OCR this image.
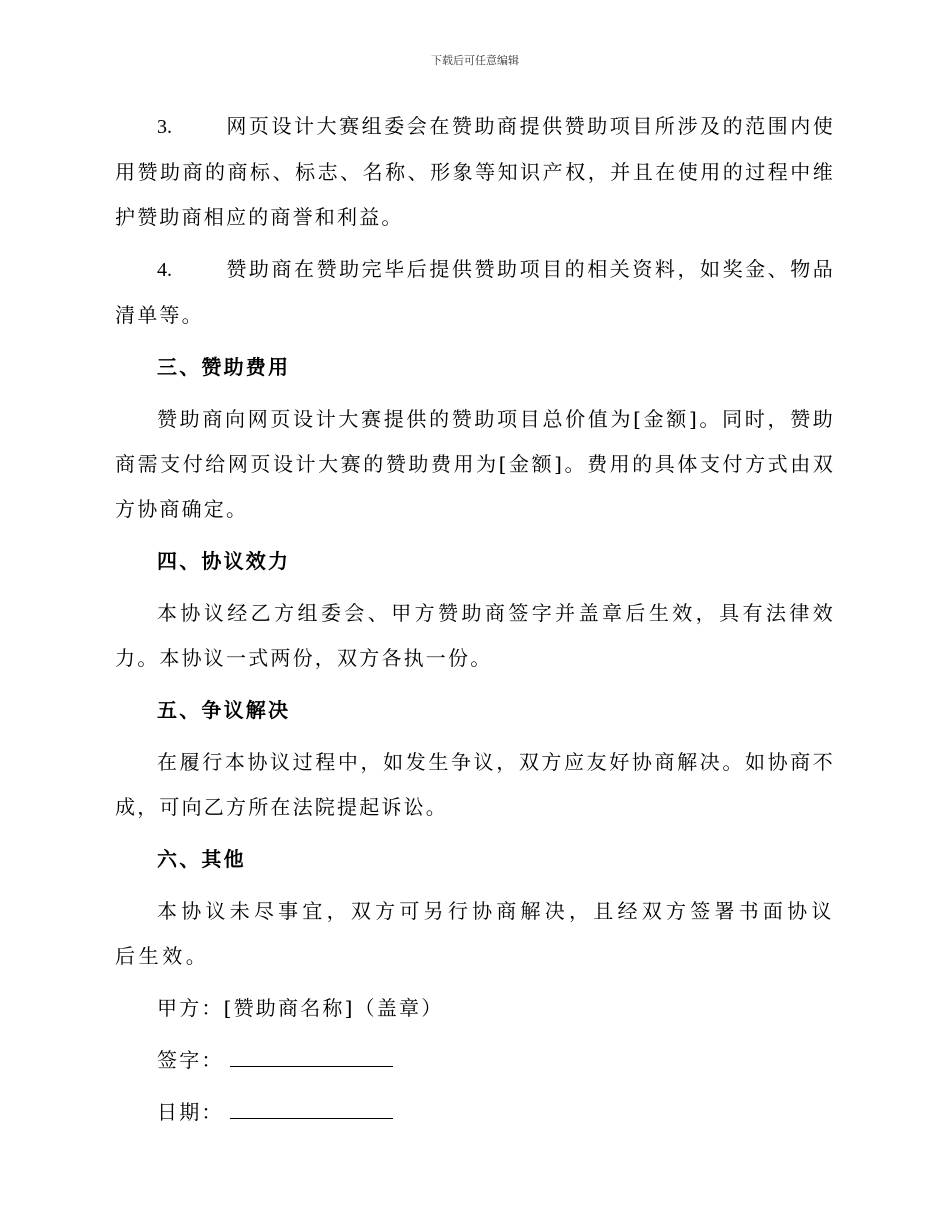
下载后可任意编辑

3.	网页设计大赛组委会在赞助商提供赞助项目所涉及的范围内使用赞助商的商标、标志、名称、形象等知识产权，并且在使用的过程中维护赞助商相应的商誉和利益。

4.	赞助商在赞助完毕后提供赞助项目的相关资料，如奖金、物品清单等。

三、赞助费用

赞助商向网页设计大赛提供的赞助项目总价值为[金额]。同时，赞助商需支付给网页设计大赛的赞助费用为[金额]。费用的具体支付方式由双方协商确定。

四、协议效力

本协议经乙方组委会、甲方赞助商签字并盖章后生效，具有法律效力。本协议一式两份，双方各执一份。

五、争议解决

在履行本协议过程中，如发生争议，双方应友好协商解决。如协商不成，可向乙方所在法院提起诉讼。

六、其他

本协议未尽事宜，双方可另行协商解决，且经双方签署书面协议后生效。

甲方：[赞助商名称]（盖章）

签字：

日期：
